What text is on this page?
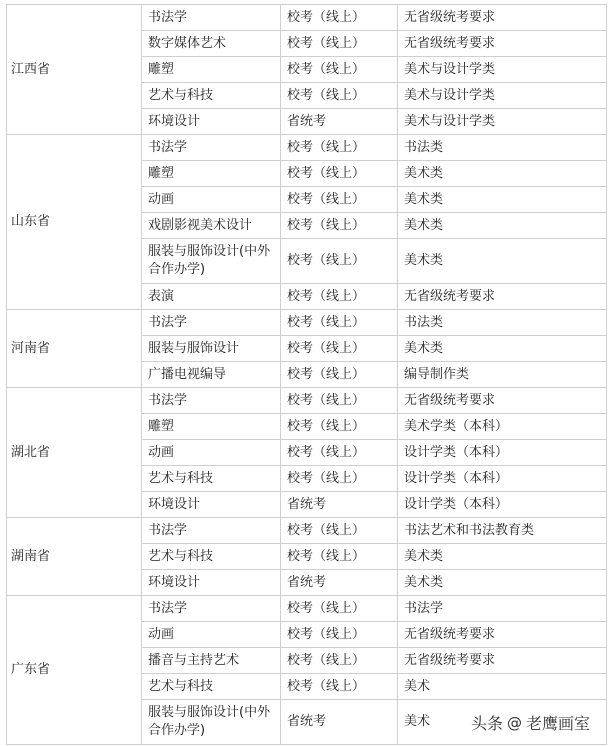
江西省	书法学	校考（线上）	无省级统考要求
	数字媒体艺术	校考（线上）	无省级统考要求
	雕塑	校考（线上）	美术与设计学类
	艺术与科技	校考（线上）	美术与设计学类
	环境设计	省统考	美术与设计学类
山东省	书法学	校考（线上）	书法类
	雕塑	校考（线上）	美术类
	动画	校考（线上）	美术类
	戏剧影视美术设计	校考（线上）	美术类
	服装与服饰设计(中外合作办学)	校考（线上）	美术类
	表演	校考（线上）	无省级统考要求
河南省	书法学	校考（线上）	书法类
	服装与服饰设计	校考（线上）	美术类
	广播电视编导	校考（线上）	编导制作类
湖北省	书法学	校考（线上）	无省级统考要求
	雕塑	校考（线上）	美术学类（本科）
	动画	校考（线上）	设计学类（本科）
	艺术与科技	校考（线上）	设计学类（本科）
	环境设计	省统考	设计学类（本科）
湖南省	书法学	校考（线上）	书法艺术和书法教育类
	艺术与科技	校考（线上）	美术类
	环境设计	省统考	美术类
广东省	书法学	校考（线上）	书法学
	动画	校考（线上）	无省级统考要求
	播音与主持艺术	校考（线上）	无省级统考要求
	艺术与科技	校考（线上）	美术
	服装与服饰设计(中外合作办学)	省统考	美术	头条 @ 老鹰画室
